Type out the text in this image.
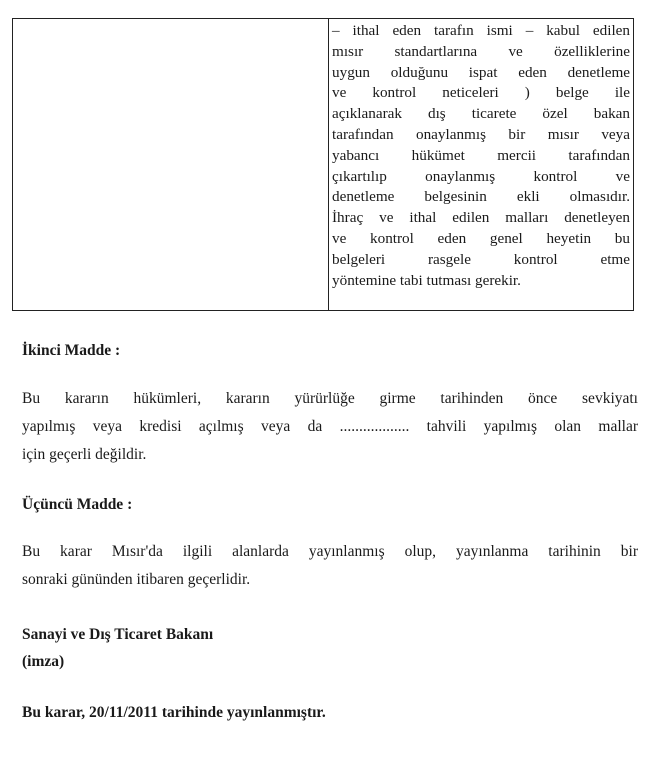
– ithal eden tarafın ismi – kabul edilen
mısır standartlarına ve özelliklerine
uygun olduğunu ispat eden denetleme
ve kontrol neticeleri ) belge ile
açıklanarak dış ticarete özel bakan
tarafından onaylanmış bir mısır veya
yabancı hükümet mercii tarafından
çıkartılıp onaylanmış kontrol ve
denetleme belgesinin ekli olmasıdır.
İhraç ve ithal edilen malları denetleyen
ve kontrol eden genel heyetin bu
belgeleri rasgele kontrol etme
yöntemine tabi tutması gerekir.
İkinci Madde :
Bu kararın hükümleri, kararın yürürlüğe girme tarihinden önce sevkiyatı
yapılmış veya kredisi açılmış veya da .................. tahvili yapılmış olan mallar
için geçerli değildir.
Üçüncü Madde :
Bu karar Mısır'da ilgili alanlarda yayınlanmış olup, yayınlanma tarihinin bir
sonraki gününden itibaren geçerlidir.
Sanayi ve Dış Ticaret Bakanı
(imza)
Bu karar, 20/11/2011 tarihinde yayınlanmıştır.
